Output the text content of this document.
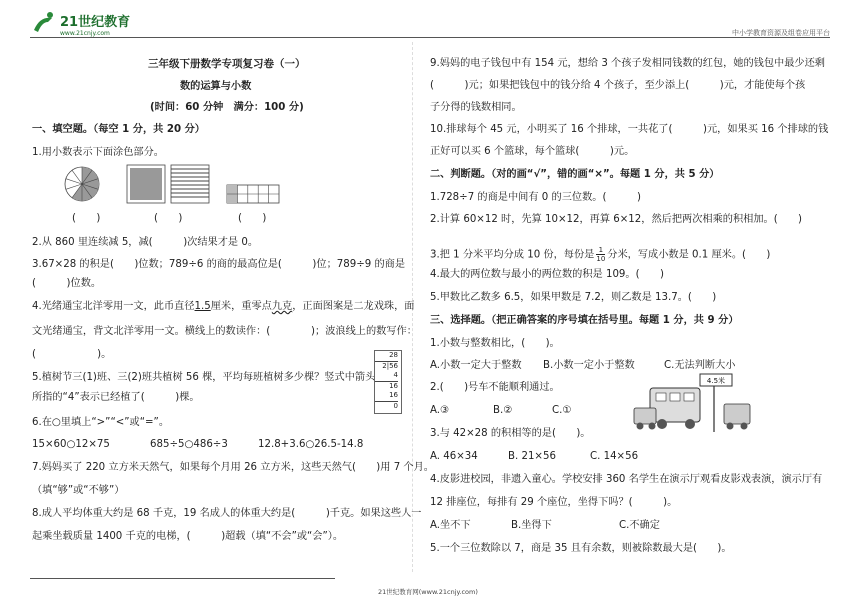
21世纪教育
www.21cnjy.com	中小学教育资源及组卷应用平台
三年级下册数学专项复习卷（一）
数的运算与小数
(时间：60 分钟　满分：100 分)
一、填空题。（每空 1 分，共 20 分）
1.用小数表示下面涂色部分。
(　　)	(　　)	(　　)
2.从 860 里连续减 5，减(　　　)次结果才是 0。
3.67×28 的积是(　　)位数；789÷6 的商的最高位是(　　　)位；789÷9 的商是
(　　　)位数。
4.光绪通宝北洋零用一文，此币直径1.5厘米，重零点九克，正面图案是二龙戏珠，面
文光绪通宝，背文北洋零用一文。横线上的数读作：(　　　　)；波浪线上的数写作：
(　　　　　　)。
5.植树节三(1)班、三(2)班共植树 56 棵，平均每班植树多少棵？竖式中箭头
所指的“4”表示已经植了(　　　)棵。
28
2|56
4
16
16
0
6.在○里填上“>”“<”或“=”。
15×60○12×75	685÷5○486÷3	12.8+3.6○26.5-14.8
7.妈妈买了 220 立方米天然气，如果每个月用 26 立方米，这些天然气(　　)用 7 个月。
（填“够”或“不够”）
8.成人平均体重大约是 68 千克，19 名成人的体重大约是(　　　)千克。如果这些人一
起乘坐载质量 1400 千克的电梯，(　　　)超载（填“不会”或“会”）。
9.妈妈的电子钱包中有 154 元，想给 3 个孩子发相同钱数的红包，她的钱包中最少还剩
(　　　)元；如果把钱包中的钱分给 4 个孩子，至少添上(　　　)元，才能使每个孩
子分得的钱数相同。
10.排球每个 45 元，小明买了 16 个排球，一共花了(　　　)元，如果买 16 个排球的钱
正好可以买 6 个篮球，每个篮球(　　　)元。
二、判断题。（对的画“√”，错的画“×”。每题 1 分，共 5 分）
1.728÷7 的商是中间有 0 的三位数。(　　　)
2.计算 60×12 时，先算 10×12，再算 6×12，然后把两次相乘的积相加。(　　)
3.把 1 分米平均分成 10 份，每份是 $\frac{1}{10}$ 分米，写成小数是 0.1 厘米。(　　)
4.最大的两位数与最小的两位数的积是 109。(　　)
5.甲数比乙数多 6.5，如果甲数是 7.2，则乙数是 13.7。(　　)
三、选择题。（把正确答案的序号填在括号里。每题 1 分，共 9 分）
1.小数与整数相比，(　　)。
A.小数一定大于整数 B.小数一定小于整数	C.无法判断大小
2.(　　)号车不能顺利通过。
A.③	B.②	C.①
4.5米
3.与 42×28 的积相等的是(　　)。
A. 46×34	B. 21×56	C. 14×56
4.皮影进校园，非遗入童心。学校安排 360 名学生在演示厅观看皮影戏表演，演示厅有
12 排座位，每排有 29 个座位，坐得下吗？(　　　)。
A.坐不下	B.坐得下	C.不确定
5.一个三位数除以 7，商是 35 且有余数，则被除数最大是(　　)。
21世纪教育网(www.21cnjy.com)
